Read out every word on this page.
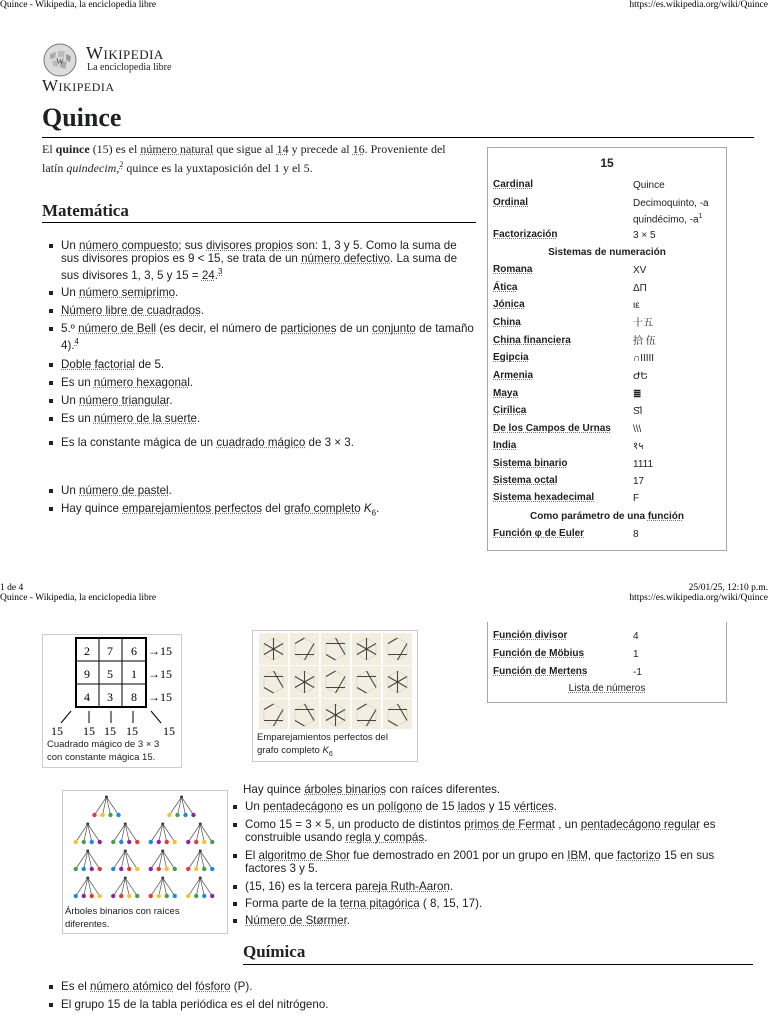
Quince - Wikipedia, la enciclopedia libre	https://es.wikipedia.org/wiki/Quince
W Wikipedia
La enciclopedia libre
Wikipedia
Quince
El quince (15) es el número natural que sigue al 14 y precede al 16. Proveniente del
latín quindecim,$^2$ quince es la yuxtaposición del 1 y el 5.
Matemática
Un número compuesto; sus divisores propios son: 1, 3 y 5. Como la suma de
sus divisores propios es 9 < 15, se trata de un número defectivo. La suma de
sus divisores 1, 3, 5 y 15 = 24.$^3$
Un número semiprimo.
Número libre de cuadrados.
5.º número de Bell (es decir, el número de particiones de un conjunto de tamaño
4).$^4$
Doble factorial de 5.
Es un número hexagonal.
Un número triangular.
Es un número de la suerte.
Es la constante mágica de un cuadrado mágico de 3 × 3.
Un número de pastel.
Hay quince emparejamientos perfectos del grafo completo $K_6$.
15
Cardinal	Quince
Ordinal	Decimoquinto, -a
quindécimo, $-a^1$
Factorización	3 × 5
Sistemas de numeración
Romana	XV
Ática	ΔΠ
Jónica	ιε
China	十五
China financiera	拾 伍
Egipcia	∩IIIII
Armenia	ԺԵ
Maya	≣
Cirílica	Ѕ҃І
De los Campos de Urnas \\\
India	१५
Sistema binario	1111
Sistema octal	17
Sistema hexadecimal	F
Como parámetro de una función
Función φ de Euler	8
1 de 4	25/01/25, 12:10 p.m.
Quince - Wikipedia, la enciclopedia libre	https://es.wikipedia.org/wiki/Quince
Función divisor	4
Función de Möbius	1
Función de Mertens	-1
Lista de números
2 7 6
9 5 1
4 3 8
→15
→15
→15
15 15 15 15 15
Cuadrado mágico de 3 × 3
con constante mágica 15.
Emparejamientos perfectos del
grafo completo $K_6$
Árboles binarios con raíces
diferentes.
Hay quince árboles binarios con raíces diferentes.
Un pentadecágono es un polígono de 15 lados y 15 vértices.
Como 15 = 3 × 5, un producto de distintos primos de Fermat , un pentadecágono regular es
construible usando regla y compás.
El algoritmo de Shor fue demostrado en 2001 por un grupo en IBM, que factorizo 15 en sus
factores 3 y 5.
(15, 16) es la tercera pareja Ruth-Aaron.
Forma parte de la terna pitagórica ( 8, 15, 17).
Número de Størmer.
Química
Es el número atómico del fósforo (P).
El grupo 15 de la tabla periódica es el del nitrógeno.
